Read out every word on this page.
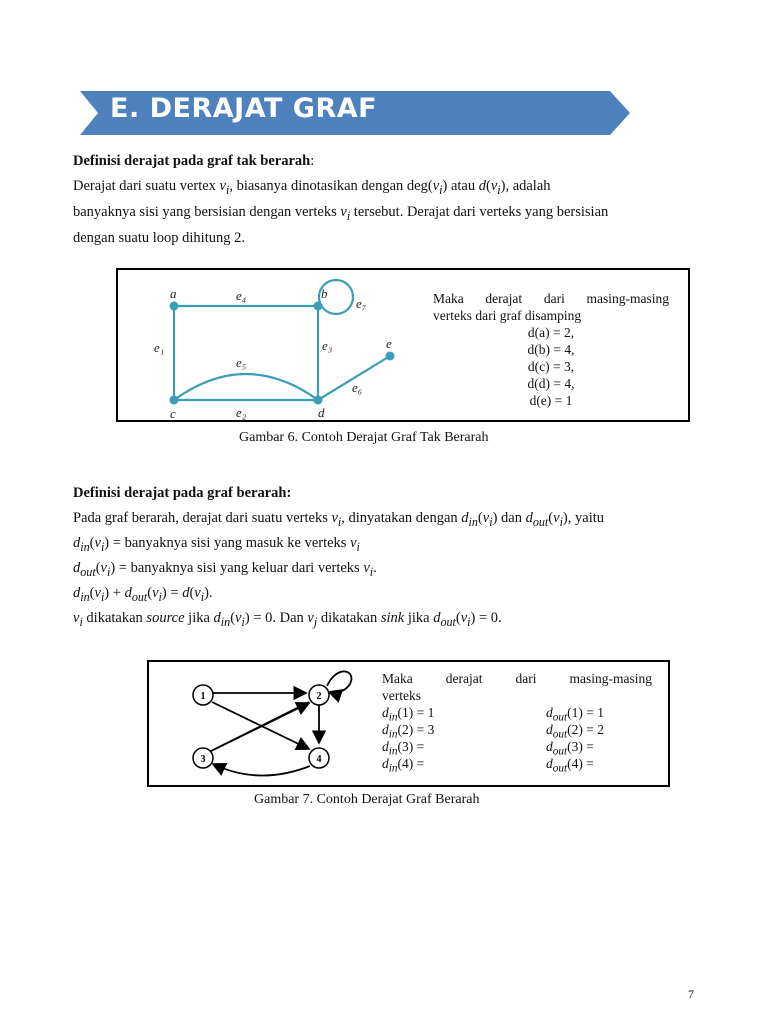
E. DERAJAT GRAF
Definisi derajat pada graf tak berarah:
Derajat dari suatu vertex $v_i$, biasanya dinotasikan dengan $deg(v_i)$ atau $d(v_i)$, adalah
banyaknya sisi yang bersisian dengan verteks $v_i$ tersebut. Derajat dari verteks yang bersisian
dengan suatu loop dihitung 2.
a	b
c	d
e
e₁
e₂
e₃
e₄
e₅
e₆
e₇	Maka derajat dari masing-masing
verteks dari graf disamping
d(a) = 2,
d(b) = 4,
d(c) = 3,
d(d) = 4,
d(e) = 1
Gambar 6. Contoh Derajat Graf Tak Berarah
Definisi derajat pada graf berarah:
Pada graf berarah, derajat dari suatu verteks $v_i$, dinyatakan dengan $d_{in}(v_i)$ dan $d_{out}(v_i)$, yaitu
$d_{in}(v_i)$ = banyaknya sisi yang masuk ke verteks $v_i$
$d_{out}(v_i)$ = banyaknya sisi yang keluar dari verteks $v_i$.
$d_{in}(v_i) + d_{out}(v_i) = d(v_i)$.
$v_i$ dikatakan source jika $d_{in}(v_i) = 0$. Dan $v_j$ dikatakan sink jika $d_{out}(v_i) = 0$.
1	2
3	4
Maka derajat dari masing-masing
verteks
$d_{in}(1) = 1$	$d_{out}(1) = 1$
$d_{in}(2) = 3$	$d_{out}(2) = 2$
$d_{in}(3)$ =	$d_{out}(3)$ =
$d_{in}(4)$ =	$d_{out}(4)$ =
Gambar 7. Contoh Derajat Graf Berarah
7
